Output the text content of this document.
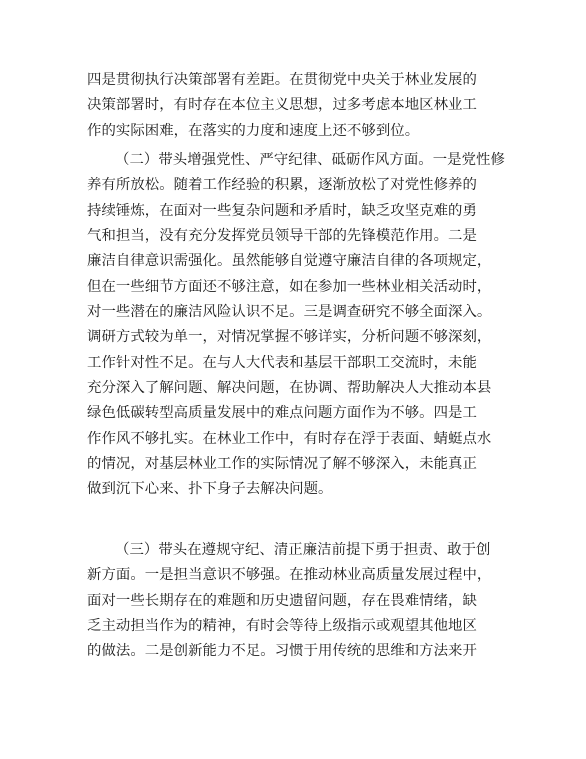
四是贯彻执行决策部署有差距。在贯彻党中央关于林业发展的
决策部署时，有时存在本位主义思想，过多考虑本地区林业工
作的实际困难，在落实的力度和速度上还不够到位。

（二）带头增强党性、严守纪律、砥砺作风方面。一是党性修
养有所放松。随着工作经验的积累，逐渐放松了对党性修养的
持续锤炼，在面对一些复杂问题和矛盾时，缺乏攻坚克难的勇
气和担当，没有充分发挥党员领导干部的先锋模范作用。二是
廉洁自律意识需强化。虽然能够自觉遵守廉洁自律的各项规定，
但在一些细节方面还不够注意，如在参加一些林业相关活动时，
对一些潜在的廉洁风险认识不足。三是调查研究不够全面深入。
调研方式较为单一，对情况掌握不够详实，分析问题不够深刻，
工作针对性不足。在与人大代表和基层干部职工交流时，未能
充分深入了解问题、解决问题，在协调、帮助解决人大推动本县
绿色低碳转型高质量发展中的难点问题方面作为不够。四是工
作作风不够扎实。在林业工作中，有时存在浮于表面、蜻蜓点水
的情况，对基层林业工作的实际情况了解不够深入，未能真正
做到沉下心来、扑下身子去解决问题。

（三）带头在遵规守纪、清正廉洁前提下勇于担责、敢于创
新方面。一是担当意识不够强。在推动林业高质量发展过程中，
面对一些长期存在的难题和历史遗留问题，存在畏难情绪，缺
乏主动担当作为的精神，有时会等待上级指示或观望其他地区
的做法。二是创新能力不足。习惯于用传统的思维和方法来开
